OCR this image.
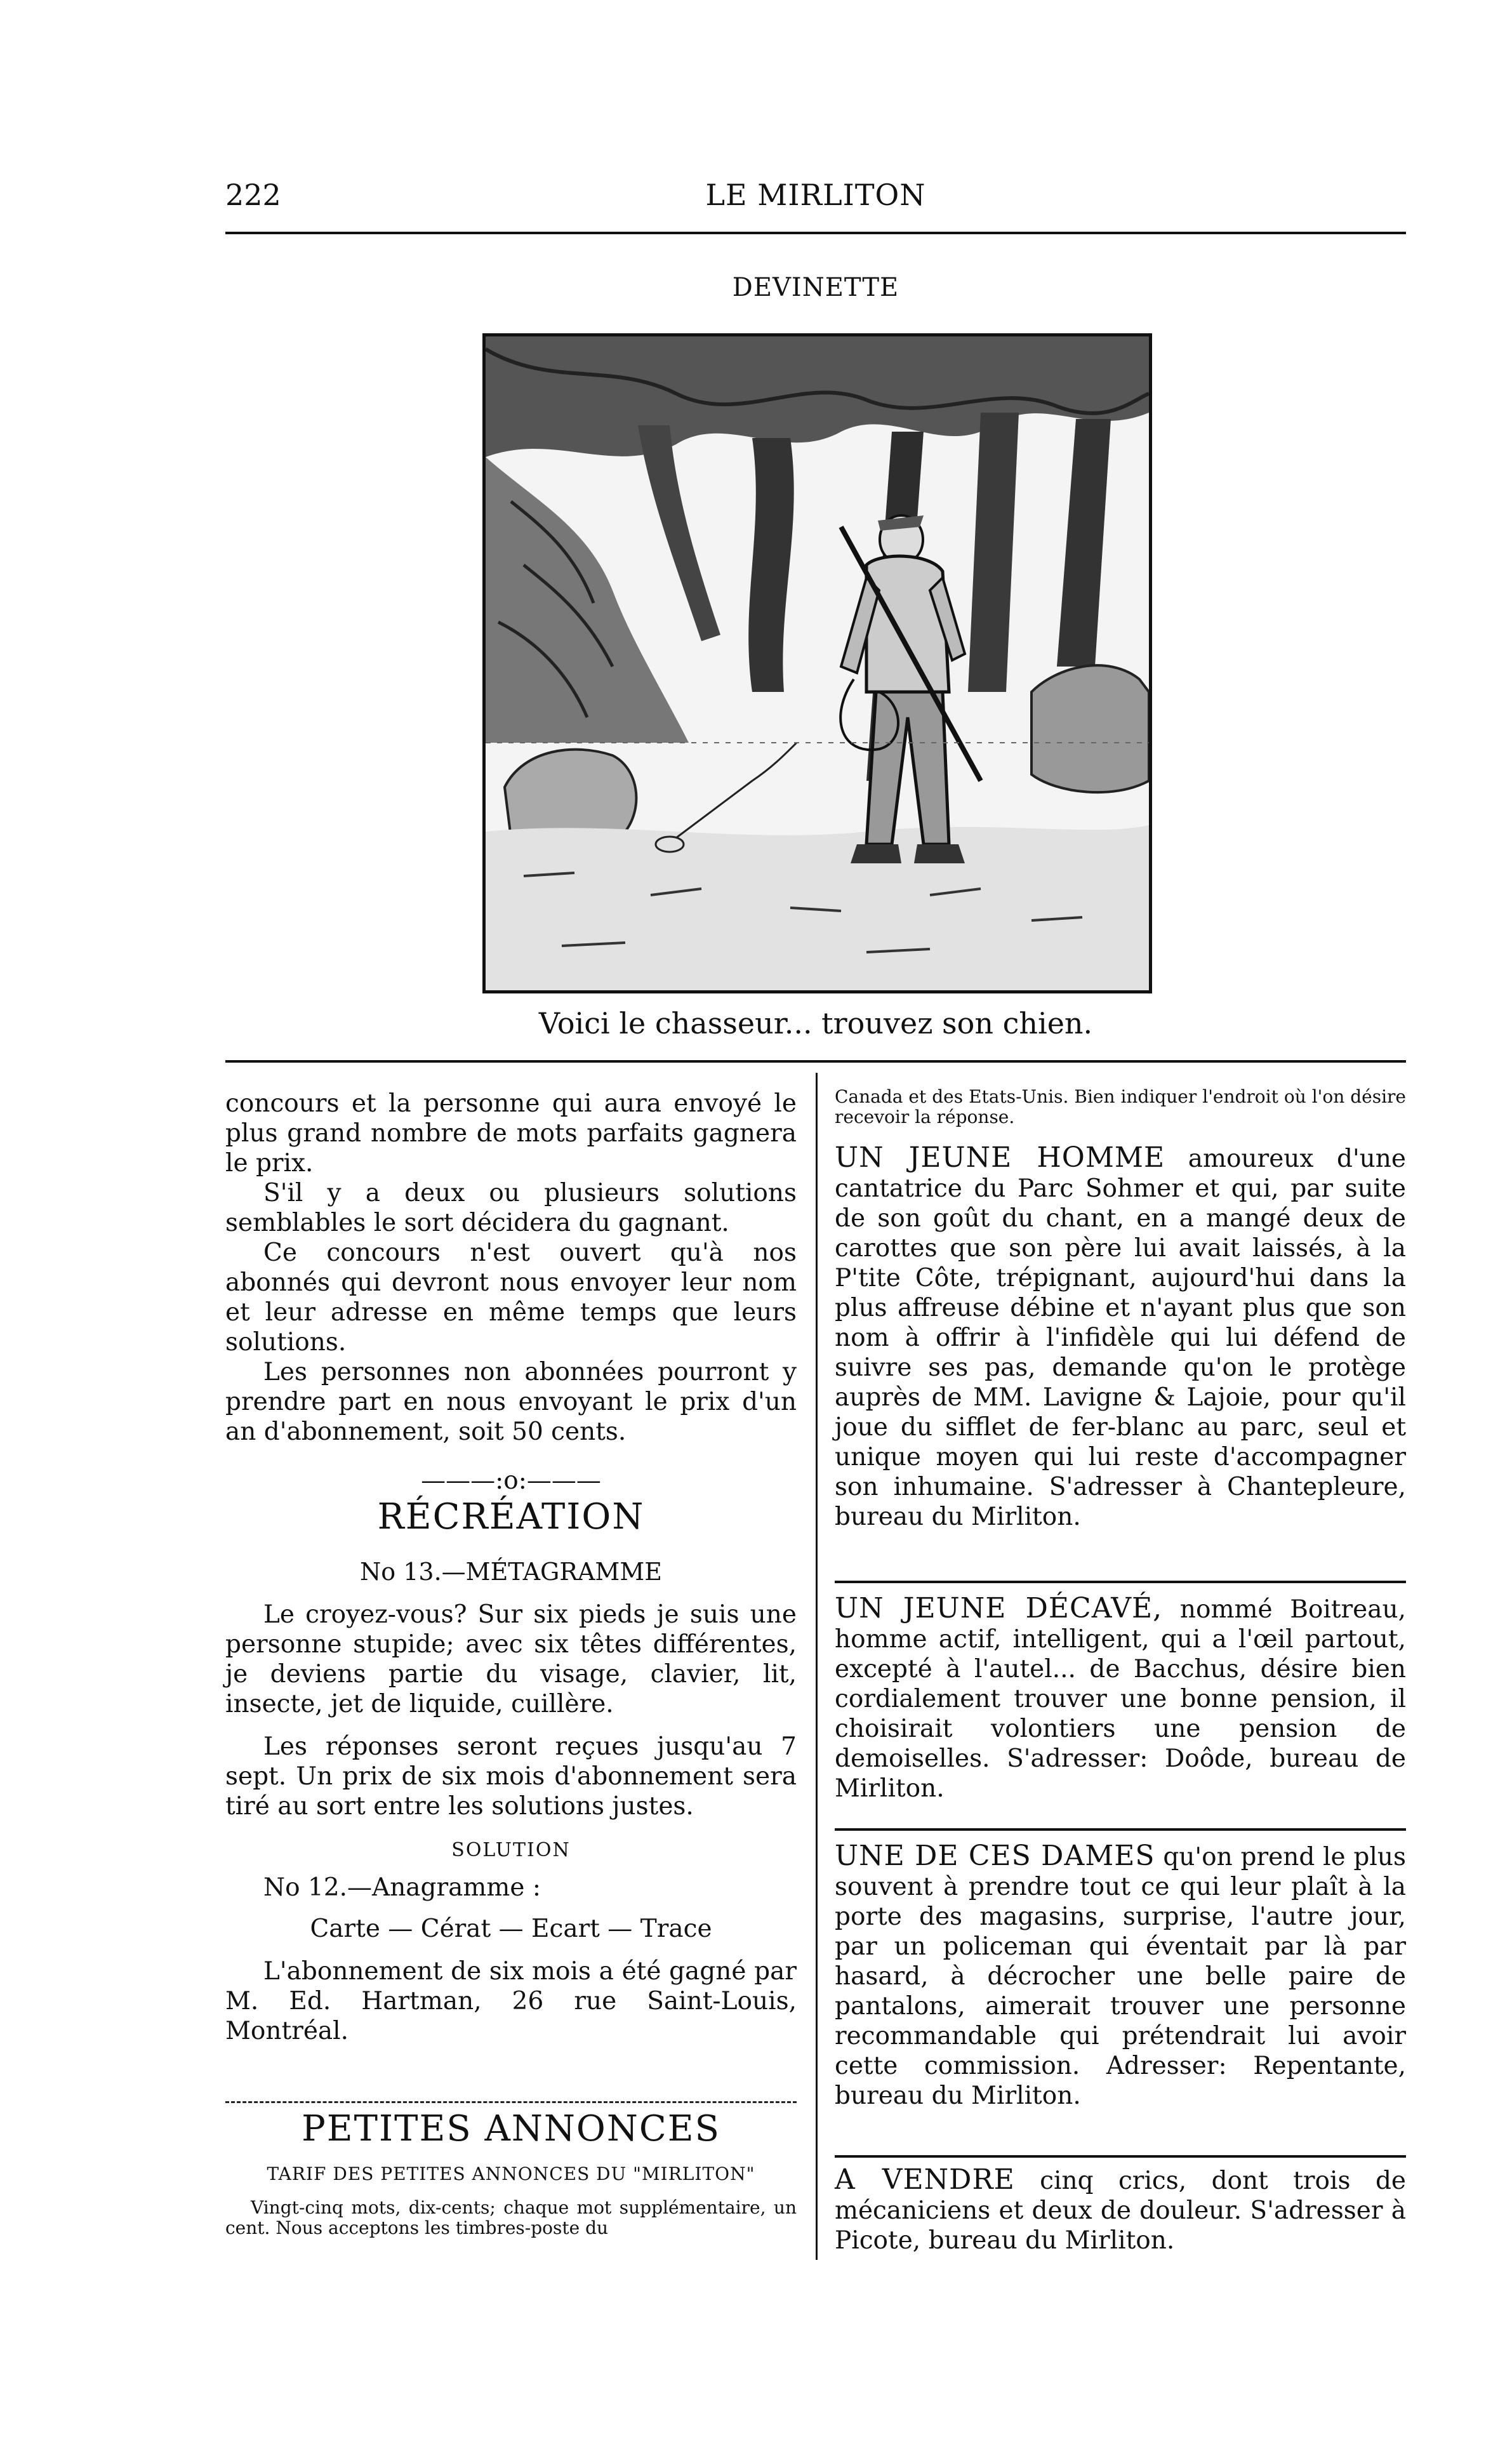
222	LE MIRLITON
DEVINETTE
Voici le chasseur... trouvez son chien.

concours et la personne qui aura envoyé le plus grand nombre de mots parfaits gagnera le prix.

S'il y a deux ou plusieurs solutions semblables le sort décidera du gagnant.

Ce concours n'est ouvert qu'à nos abonnés qui devront nous envoyer leur nom et leur adresse en même temps que leurs solutions.

Les personnes non abonnées pourront y prendre part en nous envoyant le prix d'un an d'abonnement, soit 50 cents.

———:o:———
RÉCRÉATION
No 13.—MÉTAGRAMME

Le croyez-vous? Sur six pieds je suis une personne stupide; avec six têtes différentes, je deviens partie du visage, clavier, lit, insecte, jet de liquide, cuillère.

Les réponses seront reçues jusqu'au 7 sept. Un prix de six mois d'abonnement sera tiré au sort entre les solutions justes.

SOLUTION

No 12.—Anagramme :

Carte — Cérat — Ecart — Trace

L'abonnement de six mois a été gagné par M. Ed. Hartman, 26 rue Saint-Louis, Montréal.

PETITES ANNONCES
TARIF DES PETITES ANNONCES DU "MIRLITON"
Vingt-cinq mots, dix-cents; chaque mot supplémentaire, un cent. Nous acceptons les timbres-poste du
Canada et des Etats-Unis. Bien indiquer l'endroit où l'on désire recevoir la réponse.

UN JEUNE HOMME amoureux d'une cantatrice du Parc Sohmer et qui, par suite de son goût du chant, en a mangé deux de carottes que son père lui avait laissés, à la P'tite Côte, trépignant, aujourd'hui dans la plus affreuse débine et n'ayant plus que son nom à offrir à l'infidèle qui lui défend de suivre ses pas, demande qu'on le protège auprès de MM. Lavigne & Lajoie, pour qu'il joue du sifflet de fer-blanc au parc, seul et unique moyen qui lui reste d'accompagner son inhumaine. S'adresser à Chantepleure, bureau du Mirliton.

UN JEUNE DÉCAVÉ, nommé Boitreau, homme actif, intelligent, qui a l'œil partout, excepté à l'autel... de Bacchus, désire bien cordialement trouver une bonne pension, il choisirait volontiers une pension de demoiselles. S'adresser: Doôde, bureau de Mirliton.

UNE DE CES DAMES qu'on prend le plus souvent à prendre tout ce qui leur plaît à la porte des magasins, surprise, l'autre jour, par un policeman qui éventait par là par hasard, à décrocher une belle paire de pantalons, aimerait trouver une personne recommandable qui prétendrait lui avoir cette commission. Adresser: Repentante, bureau du Mirliton.

A VENDRE cinq crics, dont trois de mécaniciens et deux de douleur. S'adresser à Picote, bureau du Mirliton.
